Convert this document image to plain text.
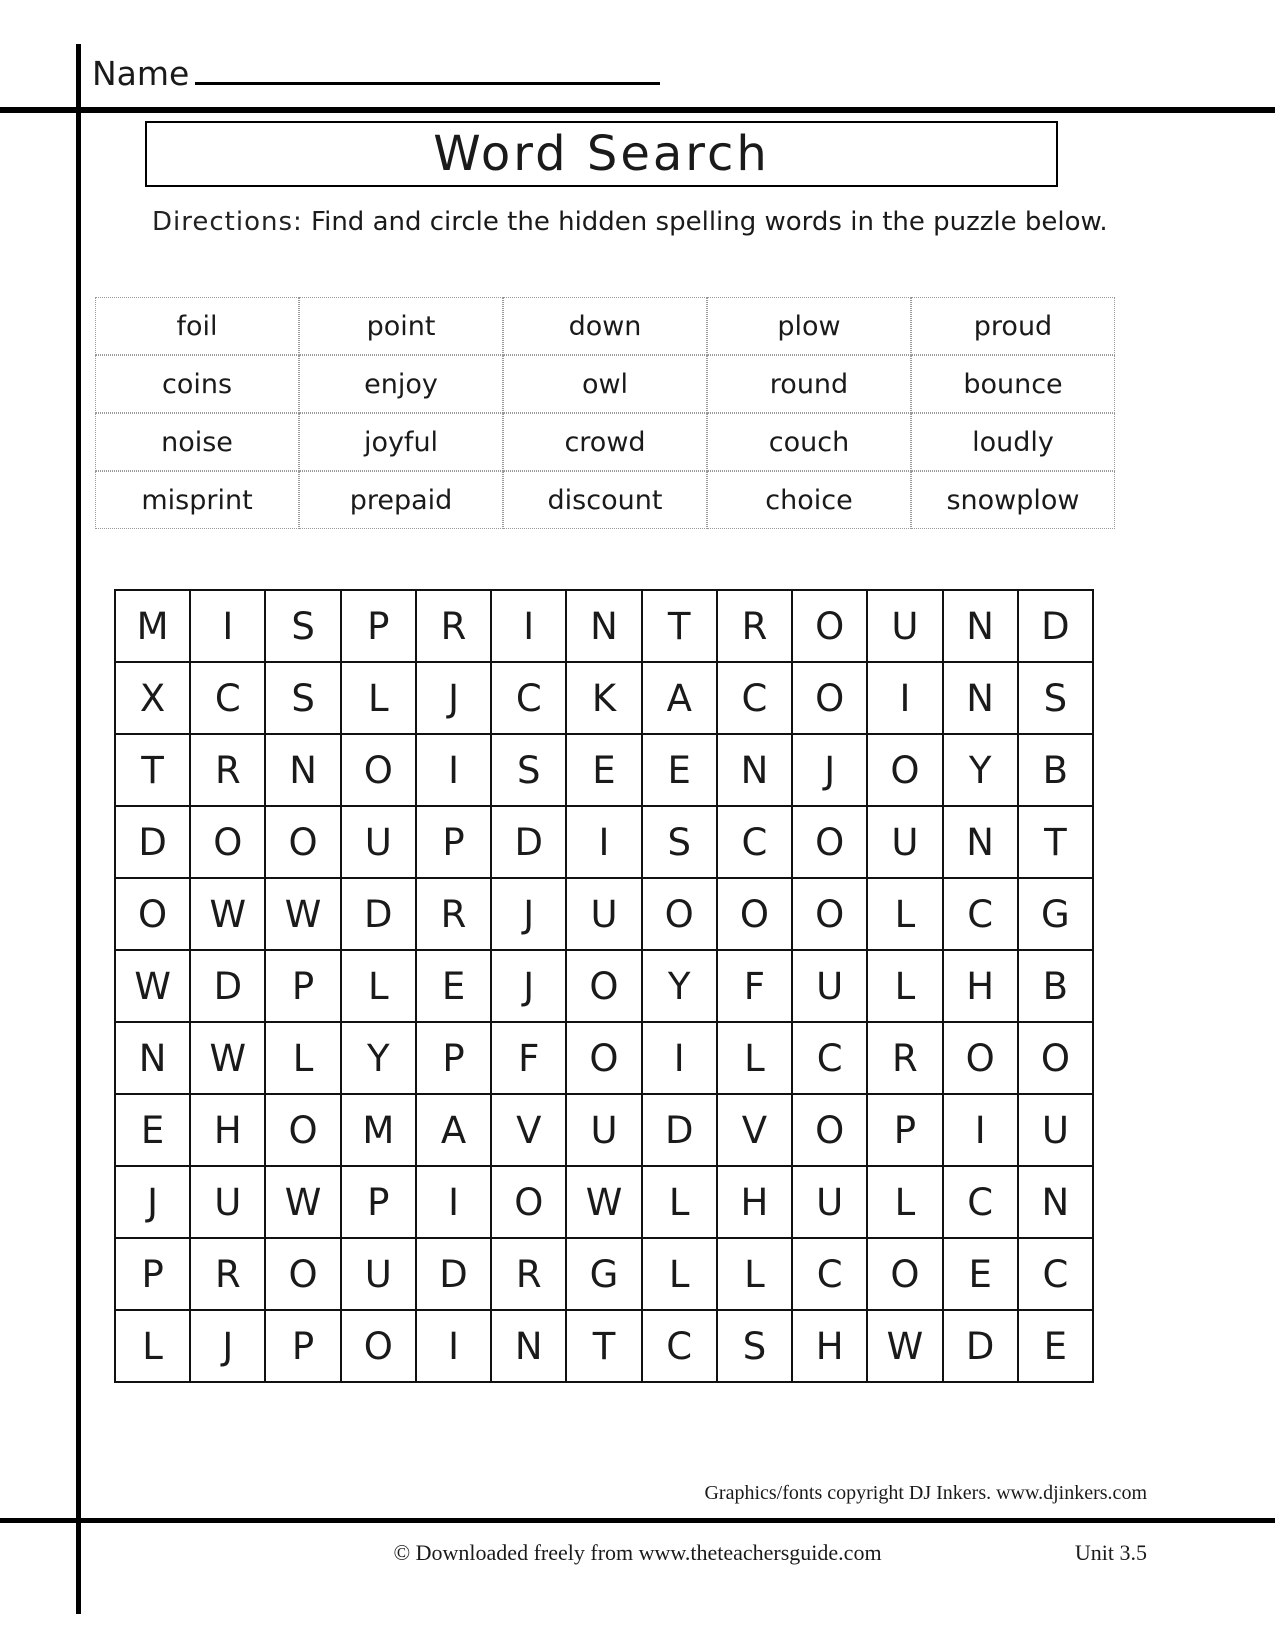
Name
Word Search
Directions: Find and circle the hidden spelling words in the puzzle below.
foil	point	down	plow	proud
coins	enjoy	owl	round	bounce
noise	joyful	crowd	couch	loudly
misprint	prepaid	discount	choice	snowplow
M	I	S	P	R	I	N	T	R	O	U	N	D
X	C	S	L	J	C	K	A	C	O	I	N	S
T	R	N	O	I	S	E	E	N	J	O	Y	B
D	O	O	U	P	D	I	S	C	O	U	N	T
O	W	W	D	R	J	U	O	O	O	L	C	G
W	D	P	L	E	J	O	Y	F	U	L	H	B
N	W	L	Y	P	F	O	I	L	C	R	O	O
E	H	O	M	A	V	U	D	V	O	P	I	U
J	U	W	P	I	O	W	L	H	U	L	C	N
P	R	O	U	D	R	G	L	L	C	O	E	C
L	J	P	O	I	N	T	C	S	H	W	D	E
Graphics/fonts copyright DJ Inkers. www.djinkers.com
© Downloaded freely from www.theteachersguide.com	Unit 3.5
